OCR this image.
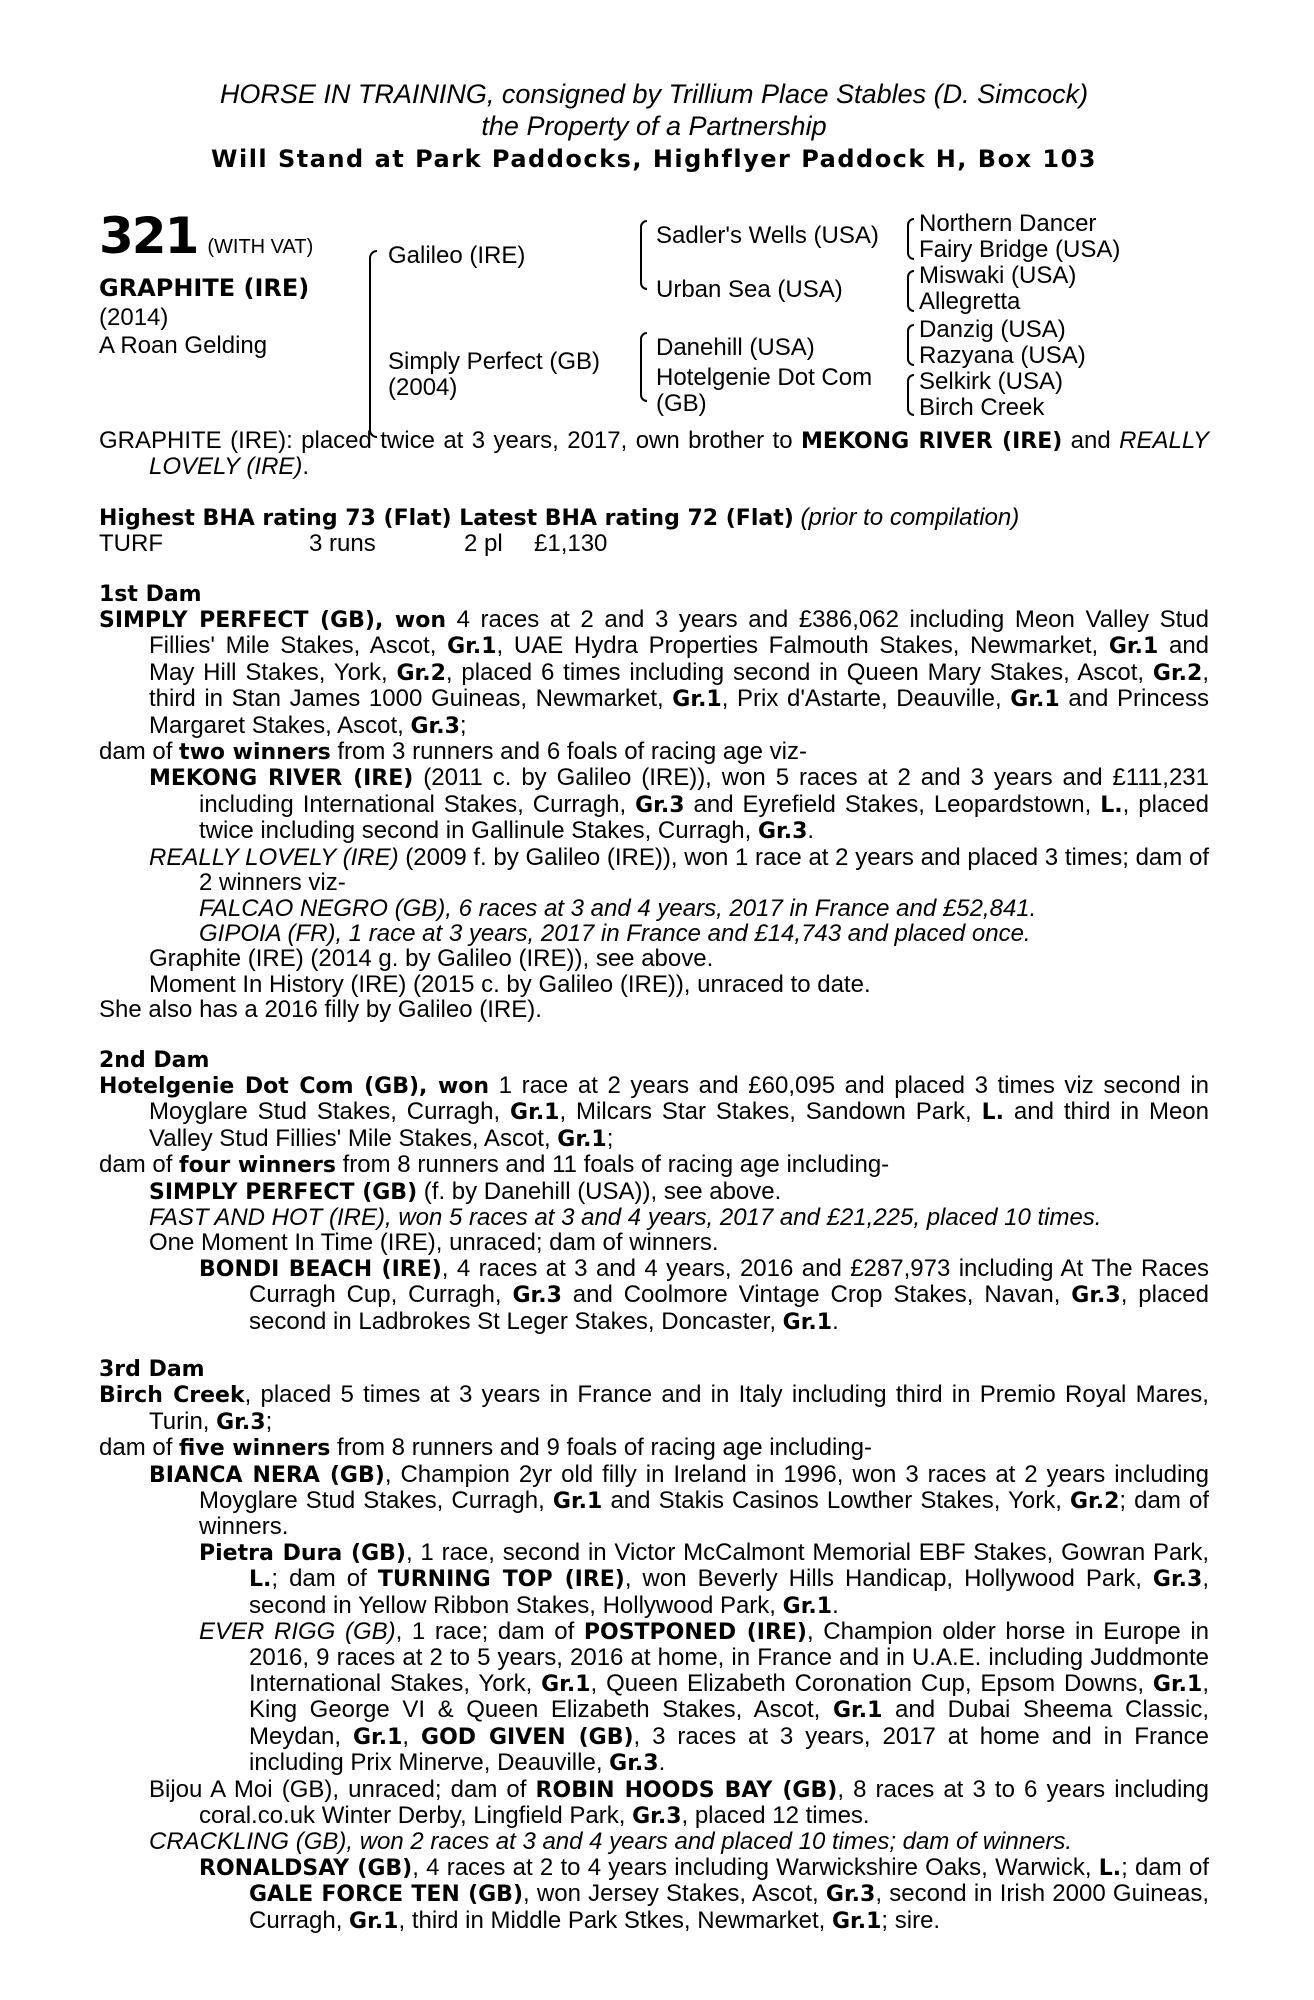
HORSE IN TRAINING, consigned by Trillium Place Stables (D. Simcock)
the Property of a Partnership
Will Stand at Park Paddocks, Highflyer Paddock H, Box 103
321 (WITH VAT)
GRAPHITE (IRE)
(2014)
A Roan Gelding
Galileo (IRE)
Simply Perfect (GB)
(2004)
Sadler's Wells (USA)
Urban Sea (USA)
Danehill (USA)
Hotelgenie Dot Com
(GB)
Northern Dancer
Fairy Bridge (USA)
Miswaki (USA)
Allegretta
Danzig (USA)
Razyana (USA)
Selkirk (USA)
Birch Creek

GRAPHITE (IRE): placed twice at 3 years, 2017, own brother to MEKONG RIVER (IRE) and REALLY LOVELY (IRE).

Highest BHA rating 73 (Flat) Latest BHA rating 72 (Flat) (prior to compilation)

TURF	3 runs	2 pl £1,130

1st Dam

SIMPLY PERFECT (GB), won 4 races at 2 and 3 years and £386,062 including Meon Valley Stud Fillies' Mile Stakes, Ascot, Gr.1, UAE Hydra Properties Falmouth Stakes, Newmarket, Gr.1 and May Hill Stakes, York, Gr.2, placed 6 times including second in Queen Mary Stakes, Ascot, Gr.2, third in Stan James 1000 Guineas, Newmarket, Gr.1, Prix d'Astarte, Deauville, Gr.1 and Princess Margaret Stakes, Ascot, Gr.3;

dam of two winners from 3 runners and 6 foals of racing age viz-

MEKONG RIVER (IRE) (2011 c. by Galileo (IRE)), won 5 races at 2 and 3 years and £111,231 including International Stakes, Curragh, Gr.3 and Eyrefield Stakes, Leopardstown, L., placed twice including second in Gallinule Stakes, Curragh, Gr.3.

REALLY LOVELY (IRE) (2009 f. by Galileo (IRE)), won 1 race at 2 years and placed 3 times; dam of 2 winners viz-

FALCAO NEGRO (GB), 6 races at 3 and 4 years, 2017 in France and £52,841.

GIPOIA (FR), 1 race at 3 years, 2017 in France and £14,743 and placed once.

Graphite (IRE) (2014 g. by Galileo (IRE)), see above.

Moment In History (IRE) (2015 c. by Galileo (IRE)), unraced to date.

She also has a 2016 filly by Galileo (IRE).

2nd Dam

Hotelgenie Dot Com (GB), won 1 race at 2 years and £60,095 and placed 3 times viz second in Moyglare Stud Stakes, Curragh, Gr.1, Milcars Star Stakes, Sandown Park, L. and third in Meon Valley Stud Fillies' Mile Stakes, Ascot, Gr.1;

dam of four winners from 8 runners and 11 foals of racing age including-

SIMPLY PERFECT (GB) (f. by Danehill (USA)), see above.

FAST AND HOT (IRE), won 5 races at 3 and 4 years, 2017 and £21,225, placed 10 times.

One Moment In Time (IRE), unraced; dam of winners.

BONDI BEACH (IRE), 4 races at 3 and 4 years, 2016 and £287,973 including At The Races Curragh Cup, Curragh, Gr.3 and Coolmore Vintage Crop Stakes, Navan, Gr.3, placed second in Ladbrokes St Leger Stakes, Doncaster, Gr.1.

3rd Dam

Birch Creek, placed 5 times at 3 years in France and in Italy including third in Premio Royal Mares, Turin, Gr.3;

dam of five winners from 8 runners and 9 foals of racing age including-

BIANCA NERA (GB), Champion 2yr old filly in Ireland in 1996, won 3 races at 2 years including Moyglare Stud Stakes, Curragh, Gr.1 and Stakis Casinos Lowther Stakes, York, Gr.2; dam of winners.

Pietra Dura (GB), 1 race, second in Victor McCalmont Memorial EBF Stakes, Gowran Park, L.; dam of TURNING TOP (IRE), won Beverly Hills Handicap, Hollywood Park, Gr.3, second in Yellow Ribbon Stakes, Hollywood Park, Gr.1.

EVER RIGG (GB), 1 race; dam of POSTPONED (IRE), Champion older horse in Europe in 2016, 9 races at 2 to 5 years, 2016 at home, in France and in U.A.E. including Juddmonte International Stakes, York, Gr.1, Queen Elizabeth Coronation Cup, Epsom Downs, Gr.1, King George VI & Queen Elizabeth Stakes, Ascot, Gr.1 and Dubai Sheema Classic, Meydan, Gr.1, GOD GIVEN (GB), 3 races at 3 years, 2017 at home and in France including Prix Minerve, Deauville, Gr.3.

Bijou A Moi (GB), unraced; dam of ROBIN HOODS BAY (GB), 8 races at 3 to 6 years including coral.co.uk Winter Derby, Lingfield Park, Gr.3, placed 12 times.

CRACKLING (GB), won 2 races at 3 and 4 years and placed 10 times; dam of winners.

RONALDSAY (GB), 4 races at 2 to 4 years including Warwickshire Oaks, Warwick, L.; dam of GALE FORCE TEN (GB), won Jersey Stakes, Ascot, Gr.3, second in Irish 2000 Guineas, Curragh, Gr.1, third in Middle Park Stkes, Newmarket, Gr.1; sire.
